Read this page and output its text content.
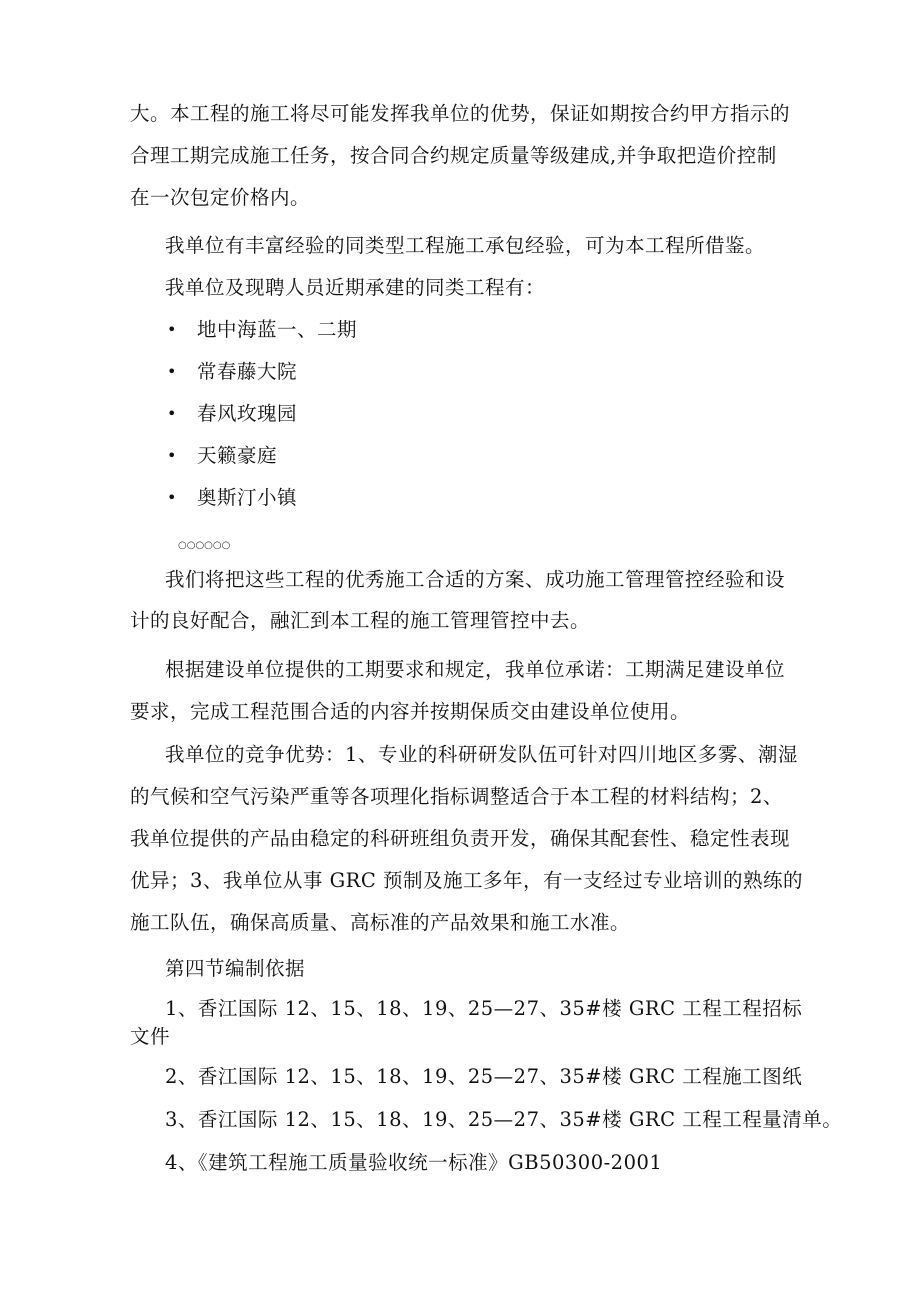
大。本工程的施工将尽可能发挥我单位的优势，保证如期按合约甲方指示的
合理工期完成施工任务，按合同合约规定质量等级建成,并争取把造价控制
在一次包定价格内。
我单位有丰富经验的同类型工程施工承包经验，可为本工程所借鉴。
我单位及现聘人员近期承建的同类工程有：
• 地中海蓝一、二期
• 常春藤大院
• 春风玫瑰园
• 天籁豪庭
• 奥斯汀小镇
○○○○○○
我们将把这些工程的优秀施工合适的方案、成功施工管理管控经验和设
计的良好配合，融汇到本工程的施工管理管控中去。
根据建设单位提供的工期要求和规定，我单位承诺：工期满足建设单位
要求，完成工程范围合适的内容并按期保质交由建设单位使用。
我单位的竞争优势：1、专业的科研研发队伍可针对四川地区多雾、潮湿
的气候和空气污染严重等各项理化指标调整适合于本工程的材料结构；2、
我单位提供的产品由稳定的科研班组负责开发，确保其配套性、稳定性表现
优异；3、我单位从事 GRC 预制及施工多年，有一支经过专业培训的熟练的
施工队伍，确保高质量、高标准的产品效果和施工水准。
第四节编制依据
1、香江国际 12、15、18、19、25—27、35#楼 GRC 工程工程招标
文件
2、香江国际 12、15、18、19、25—27、35#楼 GRC 工程施工图纸
3、香江国际 12、15、18、19、25—27、35#楼 GRC 工程工程量清单。
4、《建筑工程施工质量验收统一标准》GB50300-2001
